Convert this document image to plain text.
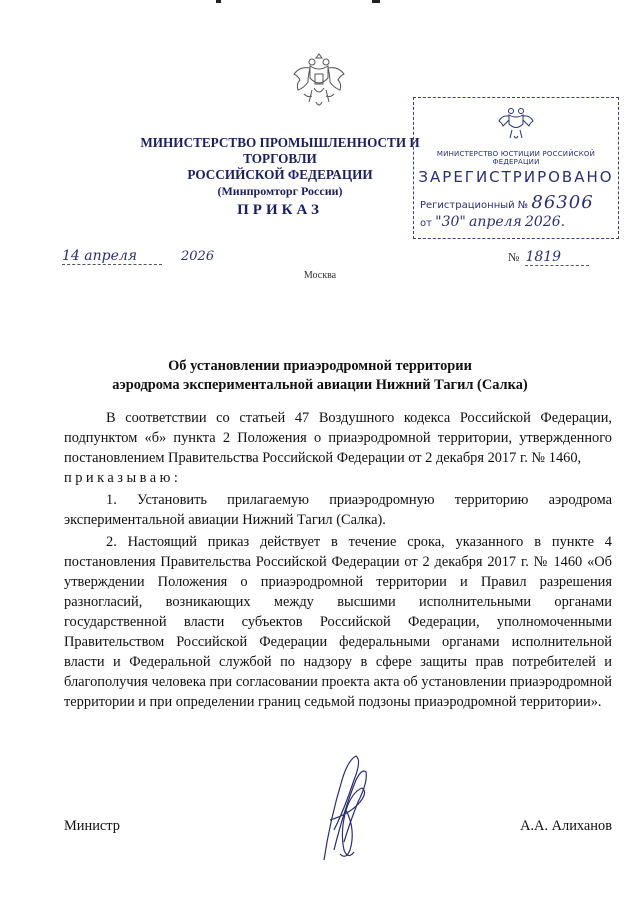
МИНИСТЕРСТВО ПРОМЫШЛЕННОСТИ И ТОРГОВЛИ
РОССИЙСКОЙ ФЕДЕРАЦИИ
(Минпромторг России)
ПРИКАЗ
МИНИСТЕРСТВО ЮСТИЦИИ РОССИЙСКОЙ ФЕДЕРАЦИИ
ЗАРЕГИСТРИРОВАНО
Регистрационный № 86306
от "30" апреля 2026.
14 апреля	2026	№ 1819
Москва
Об установлении приаэродромной территории
аэродрома экспериментальной авиации Нижний Тагил (Салка)

В соответствии со статьей 47 Воздушного кодекса Российской Федерации, подпунктом «б» пункта 2 Положения о приаэродромной территории, утвержденного постановлением Правительства Российской Федерации от 2 декабря 2017 г. № 1460,
приказываю:

1. Установить прилагаемую приаэродромную территорию аэродрома экспериментальной авиации Нижний Тагил (Салка).

2. Настоящий приказ действует в течение срока, указанного в пункте 4 постановления Правительства Российской Федерации от 2 декабря 2017 г. № 1460 «Об утверждении Положения о приаэродромной территории и Правил разрешения разногласий, возникающих между высшими исполнительными органами государственной власти субъектов Российской Федерации, уполномоченными Правительством Российской Федерации федеральными органами исполнительной власти и Федеральной службой по надзору в сфере защиты прав потребителей и благополучия человека при согласовании проекта акта об установлении приаэродромной территории и при определении границ седьмой подзоны приаэродромной территории».

Министр	А.А. Алиханов
